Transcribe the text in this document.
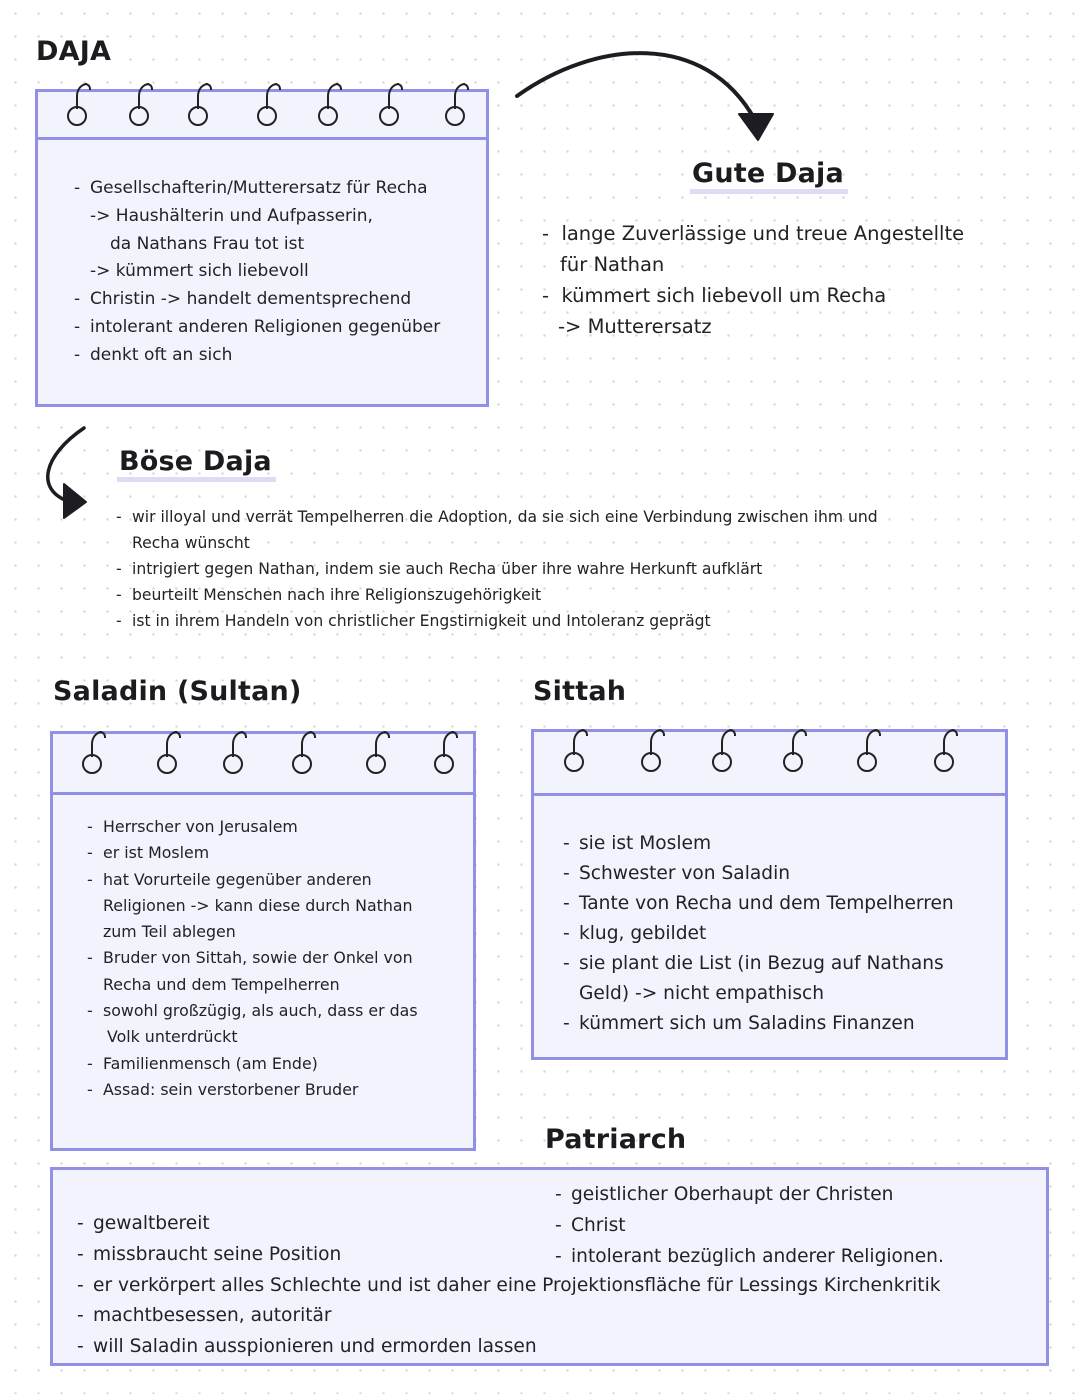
DAJA
- Gesellschafterin/Mutterersatz für Recha
-> Haushälterin und Aufpasserin,
da Nathans Frau tot ist
-> kümmert sich liebevoll
- Christin -> handelt dementsprechend
- intolerant anderen Religionen gegenüber
- denkt oft an sich
Gute Daja
-  lange Zuverlässige und treue Angestellte
für Nathan
-  kümmert sich liebevoll um Recha
-> Mutterersatz
Böse Daja
- wir illoyal und verrät Tempelherren die Adoption, da sie sich eine Verbindung zwischen ihm und
Recha wünscht
- intrigiert gegen Nathan, indem sie auch Recha über ihre wahre Herkunft aufklärt
- beurteilt Menschen nach ihre Religionszugehörigkeit
- ist in ihrem Handeln von christlicher Engstirnigkeit und Intoleranz geprägt
Saladin (Sultan)
- Herrscher von Jerusalem
- er ist Moslem
- hat Vorurteile gegenüber anderen
Religionen -> kann diese durch Nathan
zum Teil ablegen
- Bruder von Sittah, sowie der Onkel von
Recha und dem Tempelherren
- sowohl großzügig, als auch, dass er das
Volk unterdrückt
- Familienmensch (am Ende)
- Assad: sein verstorbener Bruder
Sittah
- sie ist Moslem
- Schwester von Saladin
- Tante von Recha und dem Tempelherren
- klug, gebildet
- sie plant die List (in Bezug auf Nathans
Geld) -> nicht empathisch
- kümmert sich um Saladins Finanzen
Patriarch
- geistlicher Oberhaupt der Christen
- Christ
- intolerant bezüglich anderer Religionen.
- gewaltbereit
- missbraucht seine Position
- er verkörpert alles Schlechte und ist daher eine Projektionsfläche für Lessings Kirchenkritik
- machtbesessen, autoritär
- will Saladin ausspionieren und ermorden lassen
